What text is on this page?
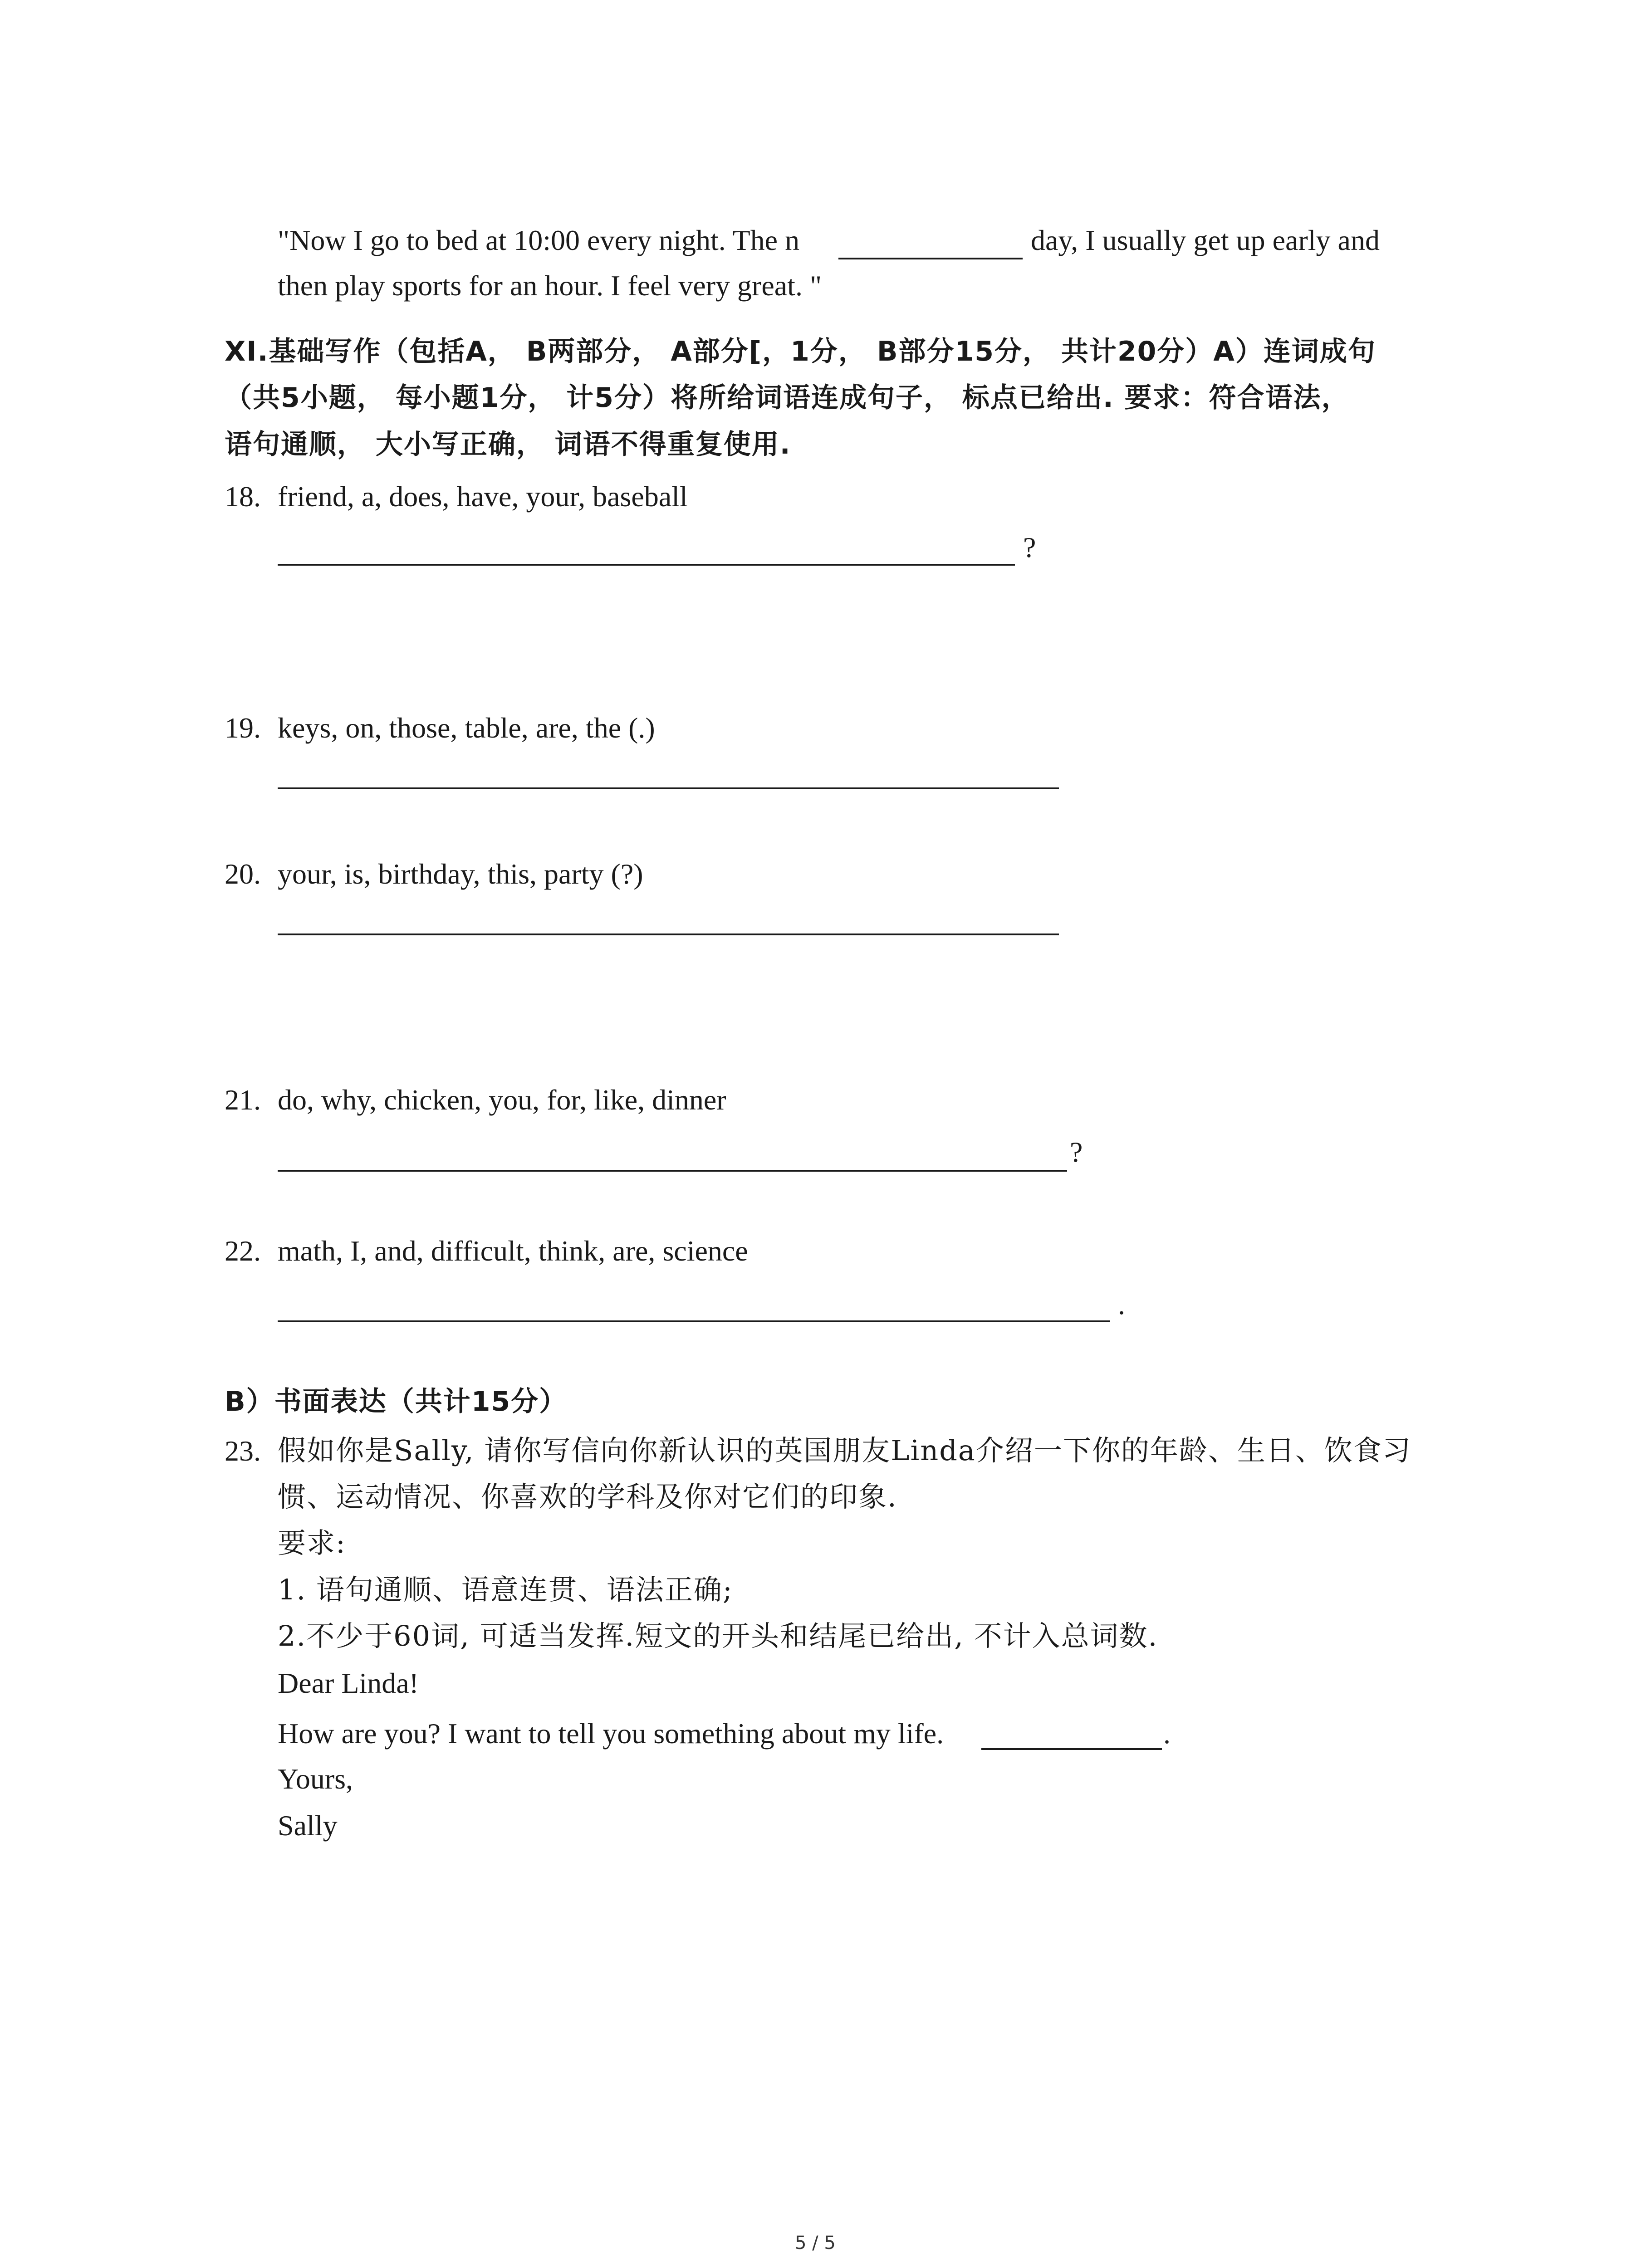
"Now I go to bed at 10:00 every night. The n	day, I usually get up early and
then play sports for an hour. I feel very great. "
XI.基础写作（包括A， B两部分， A部分[，1分， B部分15分， 共计20分）A）连词成句
（共5小题， 每小题1分， 计5分）将所给词语连成句子， 标点已给出. 要求：符合语法，
语句通顺， 大小写正确， 词语不得重复使用.
18. friend, a, does, have, your, baseball
?
19. keys, on, those, table, are, the (.)
20. your, is, birthday, this, party (?)
21. do, why, chicken, you, for, like, dinner
?
22. math, I, and, difficult, think, are, science
.
B）书面表达（共计15分）
23. 假如你是Sally, 请你写信向你新认识的英国朋友Linda介绍一下你的年龄、生日、饮食习
惯、运动情况、你喜欢的学科及你对它们的印象.
要求:
1. 语句通顺、语意连贯、语法正确;
2.不少于60词, 可适当发挥.短文的开头和结尾已给出, 不计入总词数.
Dear Linda!
How are you? I want to tell you something about my life.	.
Yours,
Sally
5 / 5
